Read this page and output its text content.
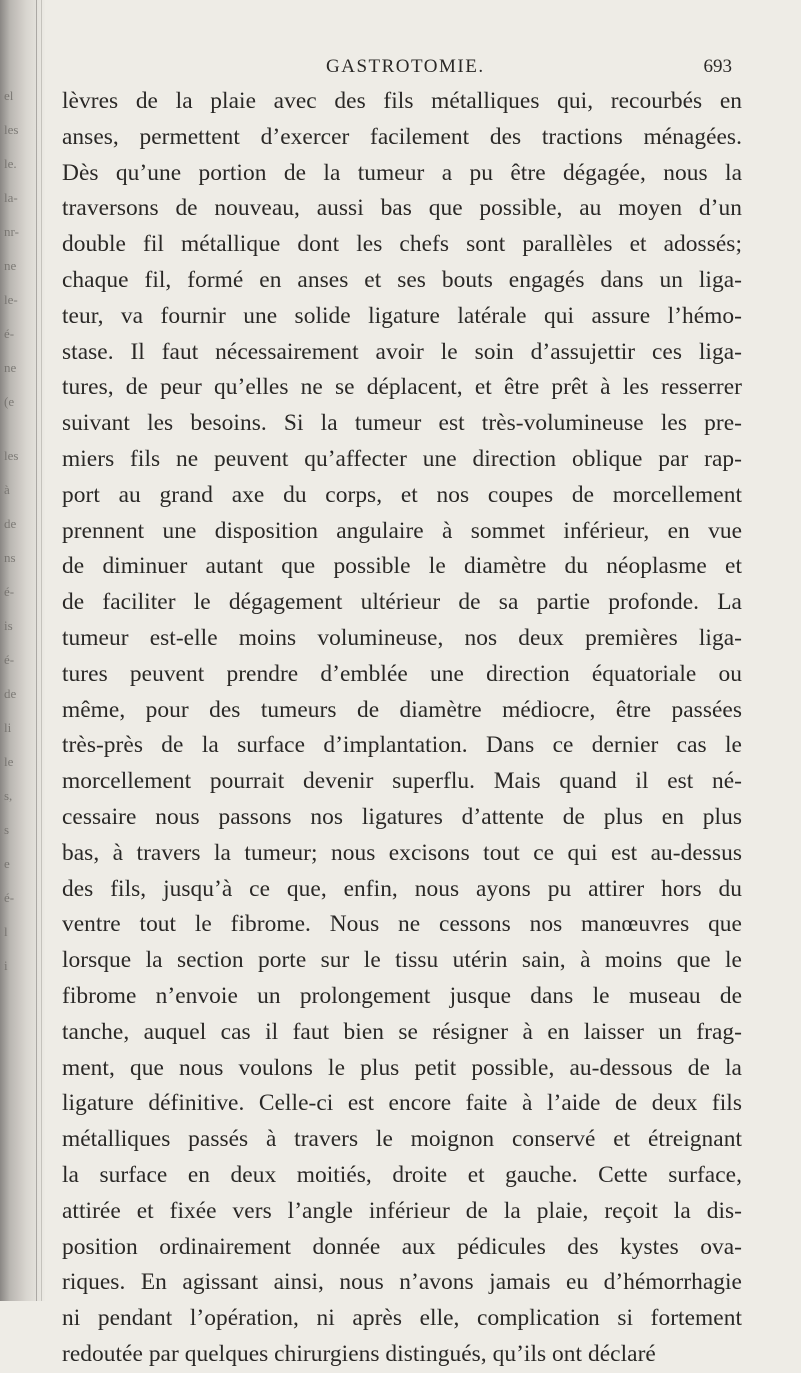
el
les
le.
la-
nr-
ne
le-
é-
ne
(e
les
à
de
ns
é-
is
é-
de
li
le
s,
s
e
é-
l
i
GASTROTOMIE.	693
lèvres de la plaie avec des fils métalliques qui, recourbés en
anses, permettent d’exercer facilement des tractions ménagées.
Dès qu’une portion de la tumeur a pu être dégagée, nous la
traversons de nouveau, aussi bas que possible, au moyen d’un
double fil métallique dont les chefs sont parallèles et adossés;
chaque fil, formé en anses et ses bouts engagés dans un liga-
teur, va fournir une solide ligature latérale qui assure l’hémo-
stase. Il faut nécessairement avoir le soin d’assujettir ces liga-
tures, de peur qu’elles ne se déplacent, et être prêt à les resserrer
suivant les besoins. Si la tumeur est très-volumineuse les pre-
miers fils ne peuvent qu’affecter une direction oblique par rap-
port au grand axe du corps, et nos coupes de morcellement
prennent une disposition angulaire à sommet inférieur, en vue
de diminuer autant que possible le diamètre du néoplasme et
de faciliter le dégagement ultérieur de sa partie profonde. La
tumeur est-elle moins volumineuse, nos deux premières liga-
tures peuvent prendre d’emblée une direction équatoriale ou
même, pour des tumeurs de diamètre médiocre, être passées
très-près de la surface d’implantation. Dans ce dernier cas le
morcellement pourrait devenir superflu. Mais quand il est né-
cessaire nous passons nos ligatures d’attente de plus en plus
bas, à travers la tumeur; nous excisons tout ce qui est au-dessus
des fils, jusqu’à ce que, enfin, nous ayons pu attirer hors du
ventre tout le fibrome. Nous ne cessons nos manœuvres que
lorsque la section porte sur le tissu utérin sain, à moins que le
fibrome n’envoie un prolongement jusque dans le museau de
tanche, auquel cas il faut bien se résigner à en laisser un frag-
ment, que nous voulons le plus petit possible, au-dessous de la
ligature définitive. Celle-ci est encore faite à l’aide de deux fils
métalliques passés à travers le moignon conservé et étreignant
la surface en deux moitiés, droite et gauche. Cette surface,
attirée et fixée vers l’angle inférieur de la plaie, reçoit la dis-
position ordinairement donnée aux pédicules des kystes ova-
riques. En agissant ainsi, nous n’avons jamais eu d’hémorrhagie
ni pendant l’opération, ni après elle, complication si fortement
redoutée par quelques chirurgiens distingués, qu’ils ont déclaré
